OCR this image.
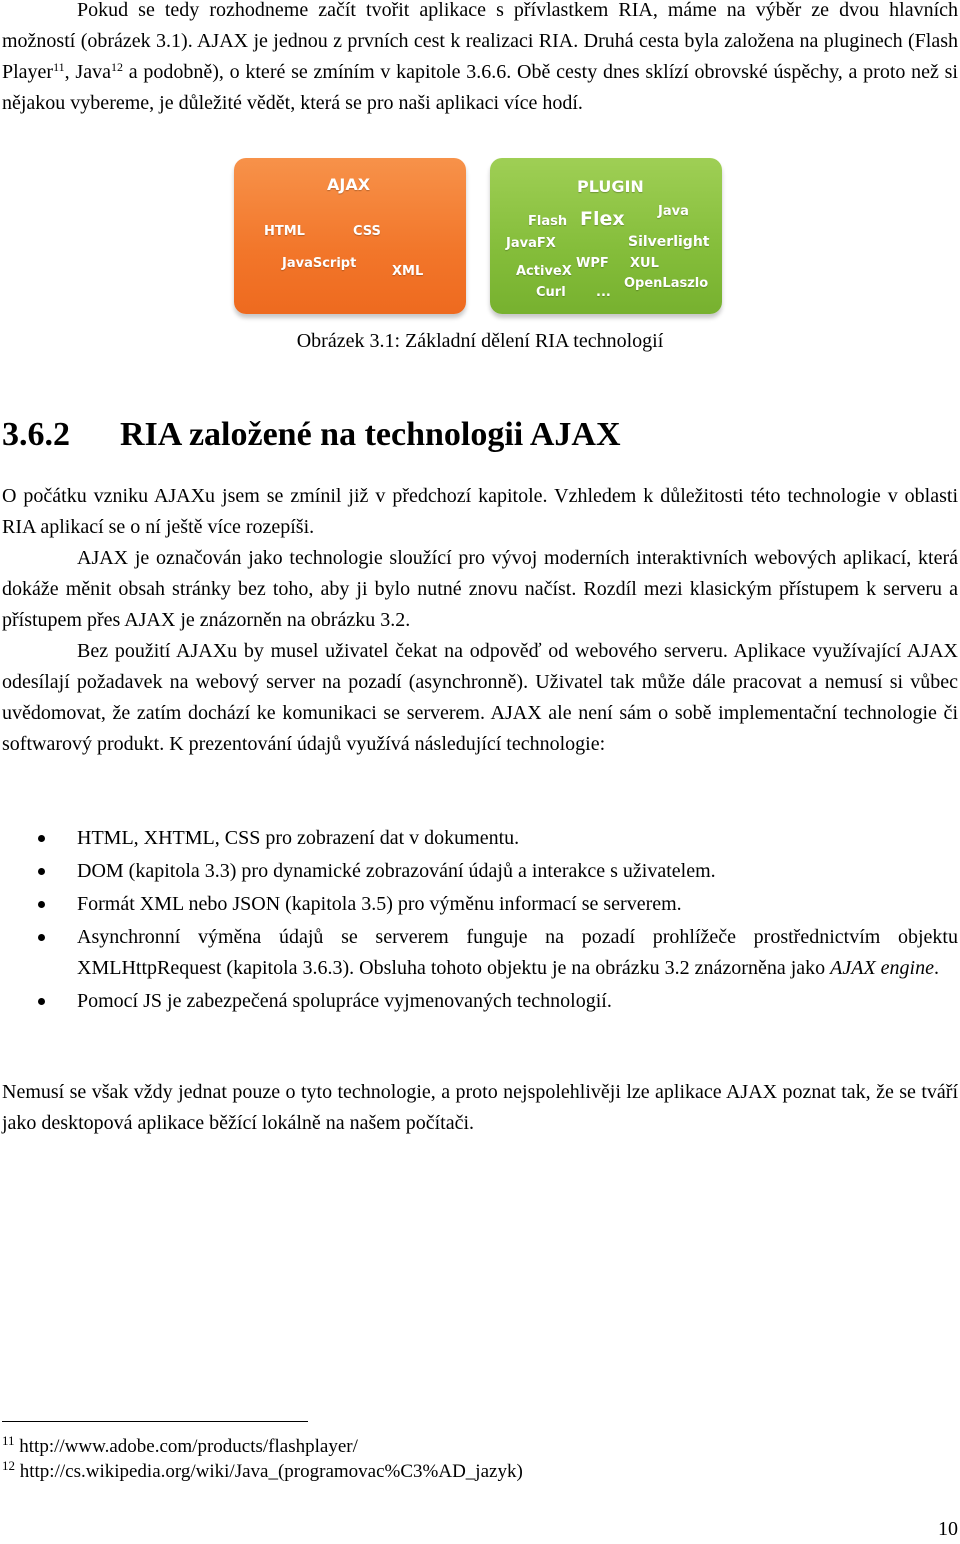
Pokud se tedy rozhodneme začít tvořit aplikace s přívlastkem RIA, máme na výběr ze dvou hlavních možností (obrázek 3.1). AJAX je jednou z prvních cest k realizaci RIA. Druhá cesta byla založena na pluginech (Flash Player$^{11}$, Java$^{12}$ a podobně), o které se zmíním v kapitole 3.6.6. Obě cesty dnes sklízí obrovské úspěchy, a proto než si nějakou vybereme, je důležité vědět, která se pro naši aplikaci více hodí.

AJAX
HTML	CSS
JavaScript
XML
PLUGIN
Flash Flex	Java
JavaFX	Silverlight
WPF XUL
ActiveX
OpenLaszlo
Curl ...
Obrázek 3.1: Základní dělení RIA technologií
3.6.2 RIA založené na technologii AJAX

O počátku vzniku AJAXu jsem se zmínil již v předchozí kapitole. Vzhledem k důležitosti této technologie v oblasti RIA aplikací se o ní ještě více rozepíši.

AJAX je označován jako technologie sloužící pro vývoj moderních interaktivních webových aplikací, která dokáže měnit obsah stránky bez toho, aby ji bylo nutné znovu načíst. Rozdíl mezi klasickým přístupem k serveru a přístupem přes AJAX je znázorněn na obrázku 3.2.

Bez použití AJAXu by musel uživatel čekat na odpověď od webového serveru. Aplikace využívající AJAX odesílají požadavek na webový server na pozadí (asynchronně). Uživatel tak může dále pracovat a nemusí si vůbec uvědomovat, že zatím dochází ke komunikaci se serverem. AJAX ale není sám o sobě implementační technologie či softwarový produkt. K prezentování údajů využívá následující technologie:

HTML, XHTML, CSS pro zobrazení dat v dokumentu.
DOM (kapitola 3.3) pro dynamické zobrazování údajů a interakce s uživatelem.
Formát XML nebo JSON (kapitola 3.5) pro výměnu informací se serverem.
Asynchronní výměna údajů se serverem funguje na pozadí prohlížeče prostřednictvím objektu XMLHttpRequest (kapitola 3.6.3). Obsluha tohoto objektu je na obrázku 3.2 znázorněna jako AJAX engine.
Pomocí JS je zabezpečená spolupráce vyjmenovaných technologií.

Nemusí se však vždy jednat pouze o tyto technologie, a proto nejspolehlivěji lze aplikace AJAX poznat tak, že se tváří jako desktopová aplikace běžící lokálně na našem počítači.

$^{11}$ http://www.adobe.com/products/flashplayer/
$^{12}$ http://cs.wikipedia.org/wiki/Java_(programovac%C3%AD_jazyk)
10
